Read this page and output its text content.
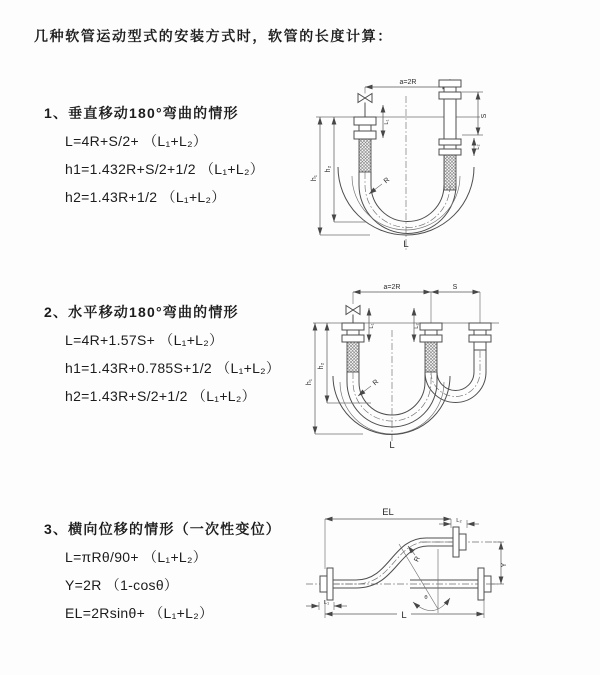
几种软管运动型式的安装方式时，软管的长度计算：
1、垂直移动180°弯曲的情形

L=4R+S/2+ （L₁+L₂）

h1=1.432R+S/2+1/2 （L₁+L₂）

h2=1.43R+1/2 （L₁+L₂）

2、水平移动180°弯曲的情形

L=4R+1.57S+ （L₁+L₂）

h1=1.43R+0.785S+1/2 （L₁+L₂）

h2=1.43R+S/2+1/2 （L₁+L₂）

3、横向位移的情形（一次性变位）

L=πRθ/90+ （L₁+L₂）

Y=2R （1-cosθ）

EL=2Rsinθ+ （L₁+L₂）

a=2R
L₁
S
L₂
h₁
h₂
R
L
a=2R	S
L₁	L₂
h₁
h₂
R
L
EL
L₂
R
θ
Y
L
L₁
